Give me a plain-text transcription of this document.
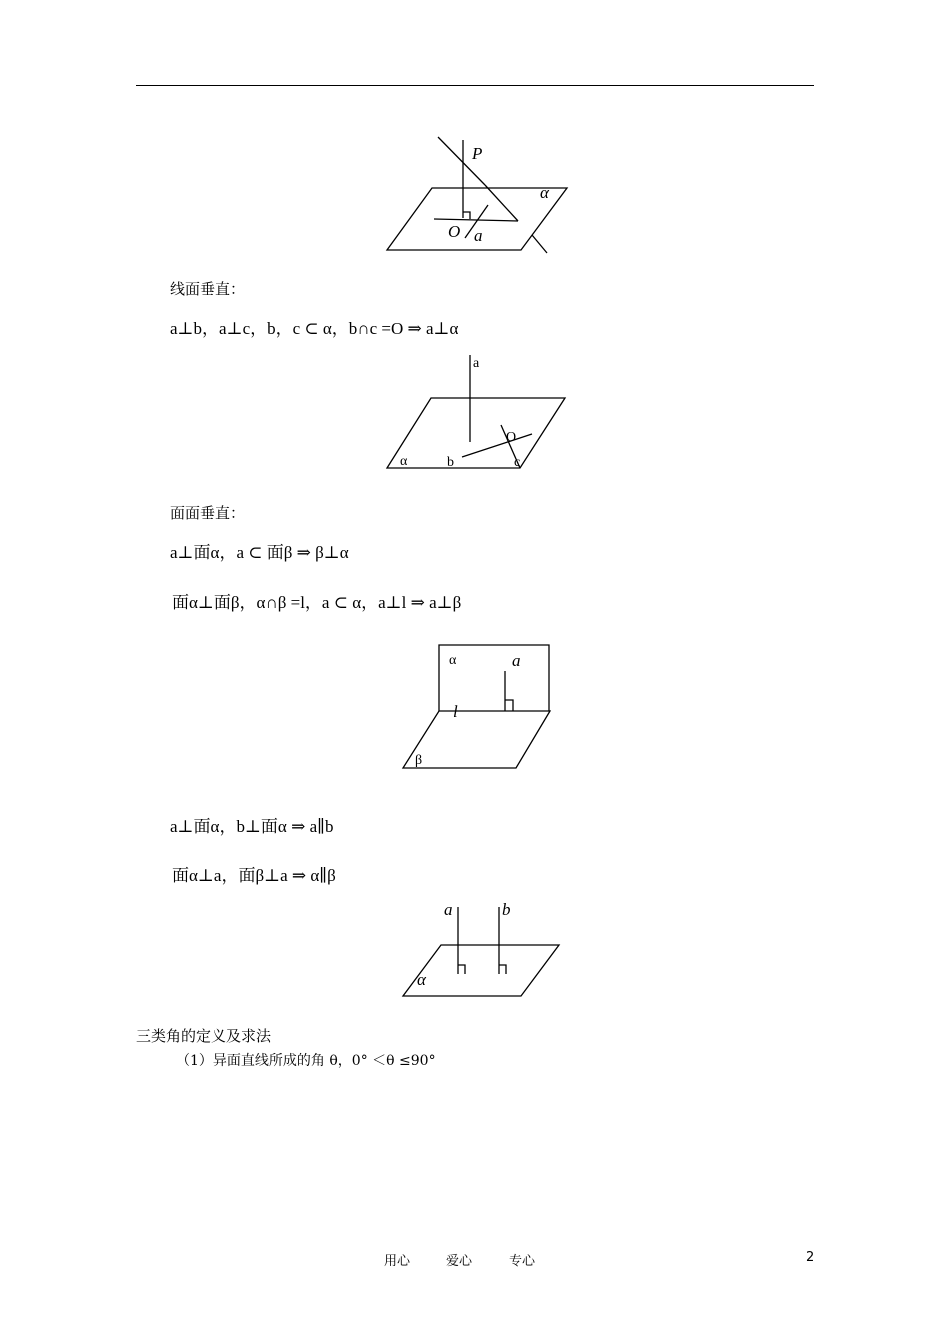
P
α
O a
线面垂直：
a⊥b，a⊥c，b，c ⊂ α，b∩c =O ⇒ a⊥α
a
O
α	b	c
面面垂直：
a⊥面α，a ⊂ 面β ⇒ β⊥α
面α⊥面β，α∩β =l，a ⊂ α，a⊥l ⇒ a⊥β
α	a
l
β
a⊥面α，b⊥面α ⇒ a∥b
面α⊥a，面β⊥a ⇒ α∥β
a	b
α
三类角的定义及求法
（1）异面直线所成的角 θ，0° ＜θ ≤90°
用心	爱心	专心	2
